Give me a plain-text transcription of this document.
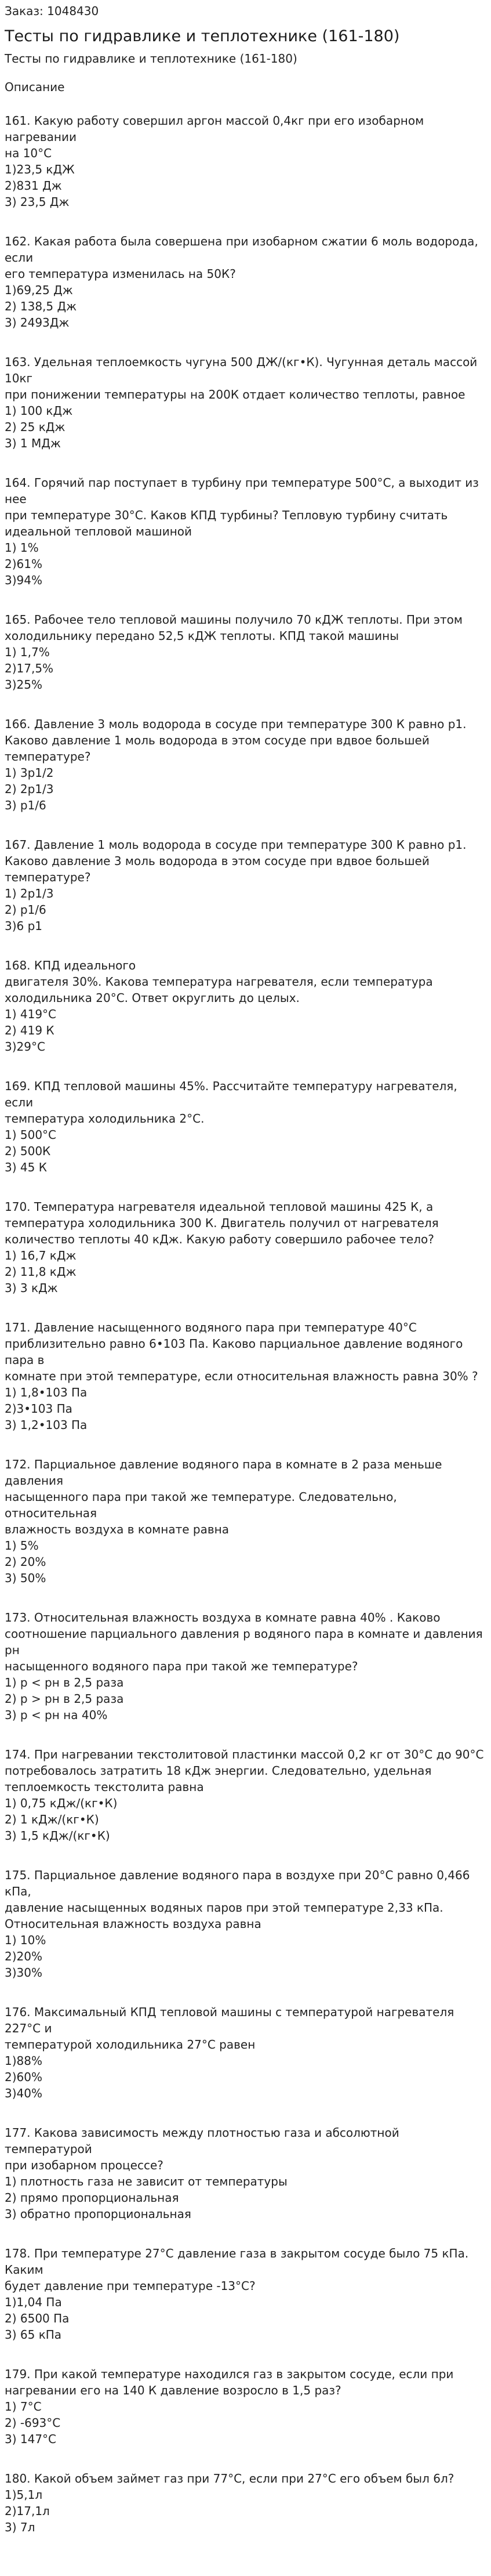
Заказ: 1048430
Тесты по гидравлике и теплотехнике (161-180)
Тесты по гидравлике и теплотехнике (161-180)
Описание

161. Какую работу совершил аргон массой 0,4кг при его изобарном нагревании
на 10°С

1)23,5 кДЖ

2)831 Дж

3) 23,5 Дж

162. Какая работа была совершена при изобарном сжатии 6 моль водорода, если
его температура изменилась на 50К?

1)69,25 Дж

2) 138,5 Дж

3) 2493Дж

163. Удельная теплоемкость чугуна 500 ДЖ/(кг•К). Чугунная деталь массой 10кг
при понижении температуры на 200К отдает количество теплоты, равное

1) 100 кДж

2) 25 кДж

3) 1 МДж

164. Горячий пар поступает в турбину при температуре 500°С, а выходит из нее
при температуре 30°С. Каков КПД турбины? Тепловую турбину считать
идеальной тепловой машиной

1) 1%

2)61%

3)94%

165. Рабочее тело тепловой машины получило 70 кДЖ теплоты. При этом
холодильнику передано 52,5 кДЖ теплоты. КПД такой машины

1) 1,7%

2)17,5%

3)25%

166. Давление 3 моль водорода в сосуде при температуре 300 К равно p1.
Каково давление 1 моль водорода в этом сосуде при вдвое большей
температуре?

1) 3p1/2

2) 2p1/3

3) p1/6

167. Давление 1 моль водорода в сосуде при температуре 300 К равно p1.
Каково давление 3 моль водорода в этом сосуде при вдвое большей
температуре?

1) 2p1/3

2) p1/6

3)6 p1

168. КПД идеального
двигателя 30%. Какова температура нагревателя, если температура
холодильника 20°С. Ответ округлить до целых.

1) 419°С

2) 419 К

3)29°С

169. КПД тепловой машины 45%. Рассчитайте температуру нагревателя, если
температура холодильника 2°С.

1) 500°С

2) 500К

3) 45 К

170. Температура нагревателя идеальной тепловой машины 425 К, а
температура холодильника 300 К. Двигатель получил от нагревателя
количество теплоты 40 кДж. Какую работу совершило рабочее тело?

1) 16,7 кДж

2) 11,8 кДж

3) 3 кДж

171. Давление насыщенного водяного пара при температуре 40°С
приблизительно равно 6•103 Па. Каково парциальное давление водяного пара в
комнате при этой температуре, если относительная влажность равна 30% ?

1) 1,8•103 Па

2)3•103 Па

3) 1,2•103 Па

172. Парциальное давление водяного пара в комнате в 2 раза меньше давления
насыщенного пара при такой же температуре. Следовательно, относительная
влажность воздуха в комнате равна

1) 5%

2) 20%

3) 50%

173. Относительная влажность воздуха в комнате равна 40% . Каково
соотношение парциального давления р водяного пара в комнате и давления рн
насыщенного водяного пара при такой же температуре?

1) р < рн в 2,5 раза

2) р > рн в 2,5 раза

3) р < рн на 40%

174. При нагревании текстолитовой пластинки массой 0,2 кг от 30°С до 90°С
потребовалось затратить 18 кДж энергии. Следовательно, удельная
теплоемкость текстолита равна

1) 0,75 кДж/(кг•К)

2) 1 кДж/(кг•К)

3) 1,5 кДж/(кг•К)

175. Парциальное давление водяного пара в воздухе при 20°С равно 0,466 кПа,
давление насыщенных водяных паров при этой температуре 2,33 кПа.
Относительная влажность воздуха равна

1) 10%

2)20%

3)30%

176. Максимальный КПД тепловой машины с температурой нагревателя 227°С и
температурой холодильника 27°С равен

1)88%

2)60%

3)40%

177. Какова зависимость между плотностью газа и абсолютной температурой
при изобарном процессе?

1) плотность газа не зависит от температуры

2) прямо пропорциональная

3) обратно пропорциональная

178. При температуре 27°С давление газа в закрытом сосуде было 75 кПа. Каким
будет давление при температуре -13°С?

1)1,04 Па

2) 6500 Па

3) 65 кПа

179. При какой температуре находился газ в закрытом сосуде, если при
нагревании его на 140 К давление возросло в 1,5 раз?

1) 7°С

2) -693°С

3) 147°С

180. Какой объем займет газ при 77°С, если при 27°С его объем был 6л?

1)5,1л

2)17,1л

3) 7л
